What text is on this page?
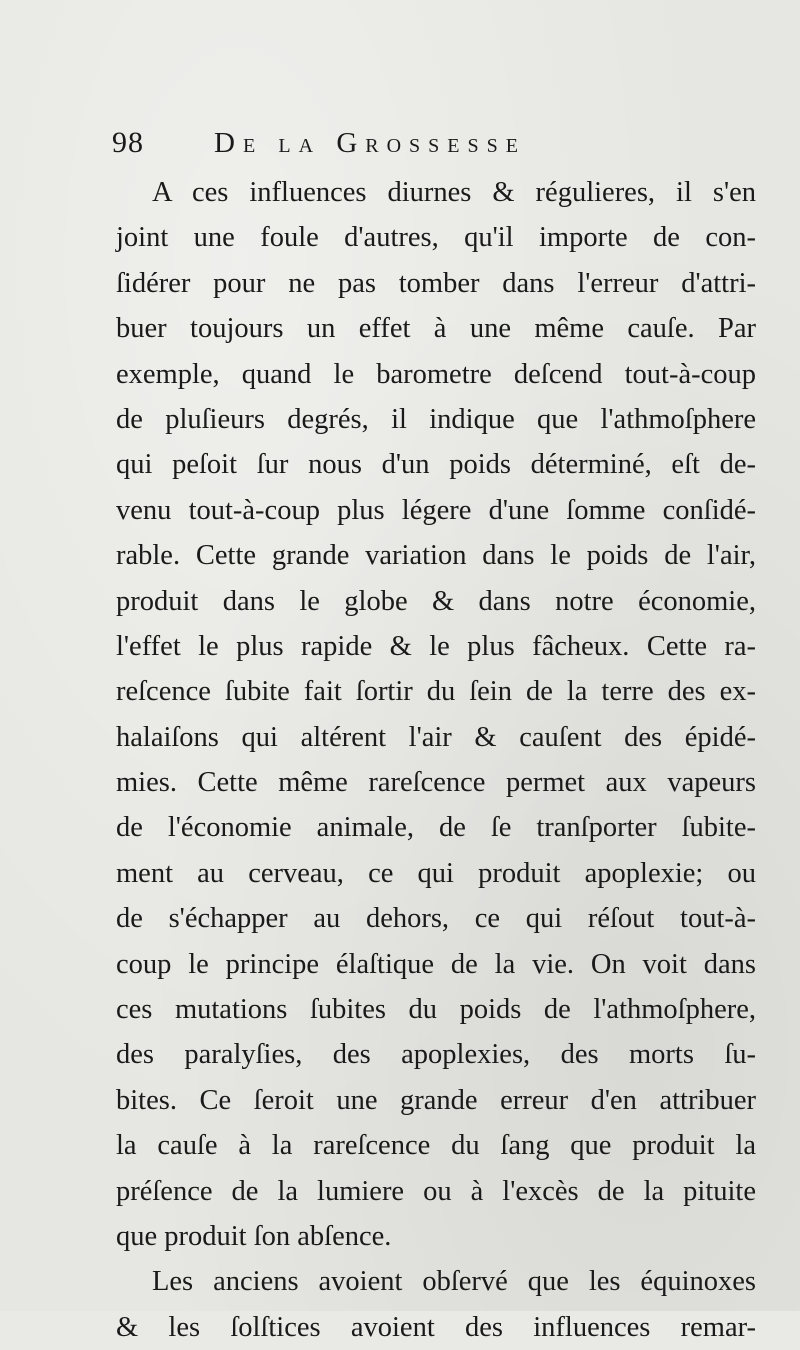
98 De la Grossesse
A ces influences diurnes & régulieres, il s'en
joint une foule d'autres, qu'il importe de con-
ſidérer pour ne pas tomber dans l'erreur d'attri-
buer toujours un effet à une même cauſe. Par
exemple, quand le barometre deſcend tout-à-coup
de pluſieurs degrés, il indique que l'athmoſphere
qui peſoit ſur nous d'un poids déterminé, eſt de-
venu tout-à-coup plus légere d'une ſomme conſidé-
rable. Cette grande variation dans le poids de l'air,
produit dans le globe & dans notre économie,
l'effet le plus rapide & le plus fâcheux. Cette ra-
reſcence ſubite fait ſortir du ſein de la terre des ex-
halaiſons qui altérent l'air & cauſent des épidé-
mies. Cette même rareſcence permet aux vapeurs
de l'économie animale, de ſe tranſporter ſubite-
ment au cerveau, ce qui produit apoplexie; ou
de s'échapper au dehors, ce qui réſout tout-à-
coup le principe élaſtique de la vie. On voit dans
ces mutations ſubites du poids de l'athmoſphere,
des paralyſies, des apoplexies, des morts ſu-
bites. Ce ſeroit une grande erreur d'en attribuer
la cauſe à la rareſcence du ſang que produit la
préſence de la lumiere ou à l'excès de la pituite
que produit ſon abſence.
Les anciens avoient obſervé que les équinoxes
& les ſolſtices avoient des influences remar-
